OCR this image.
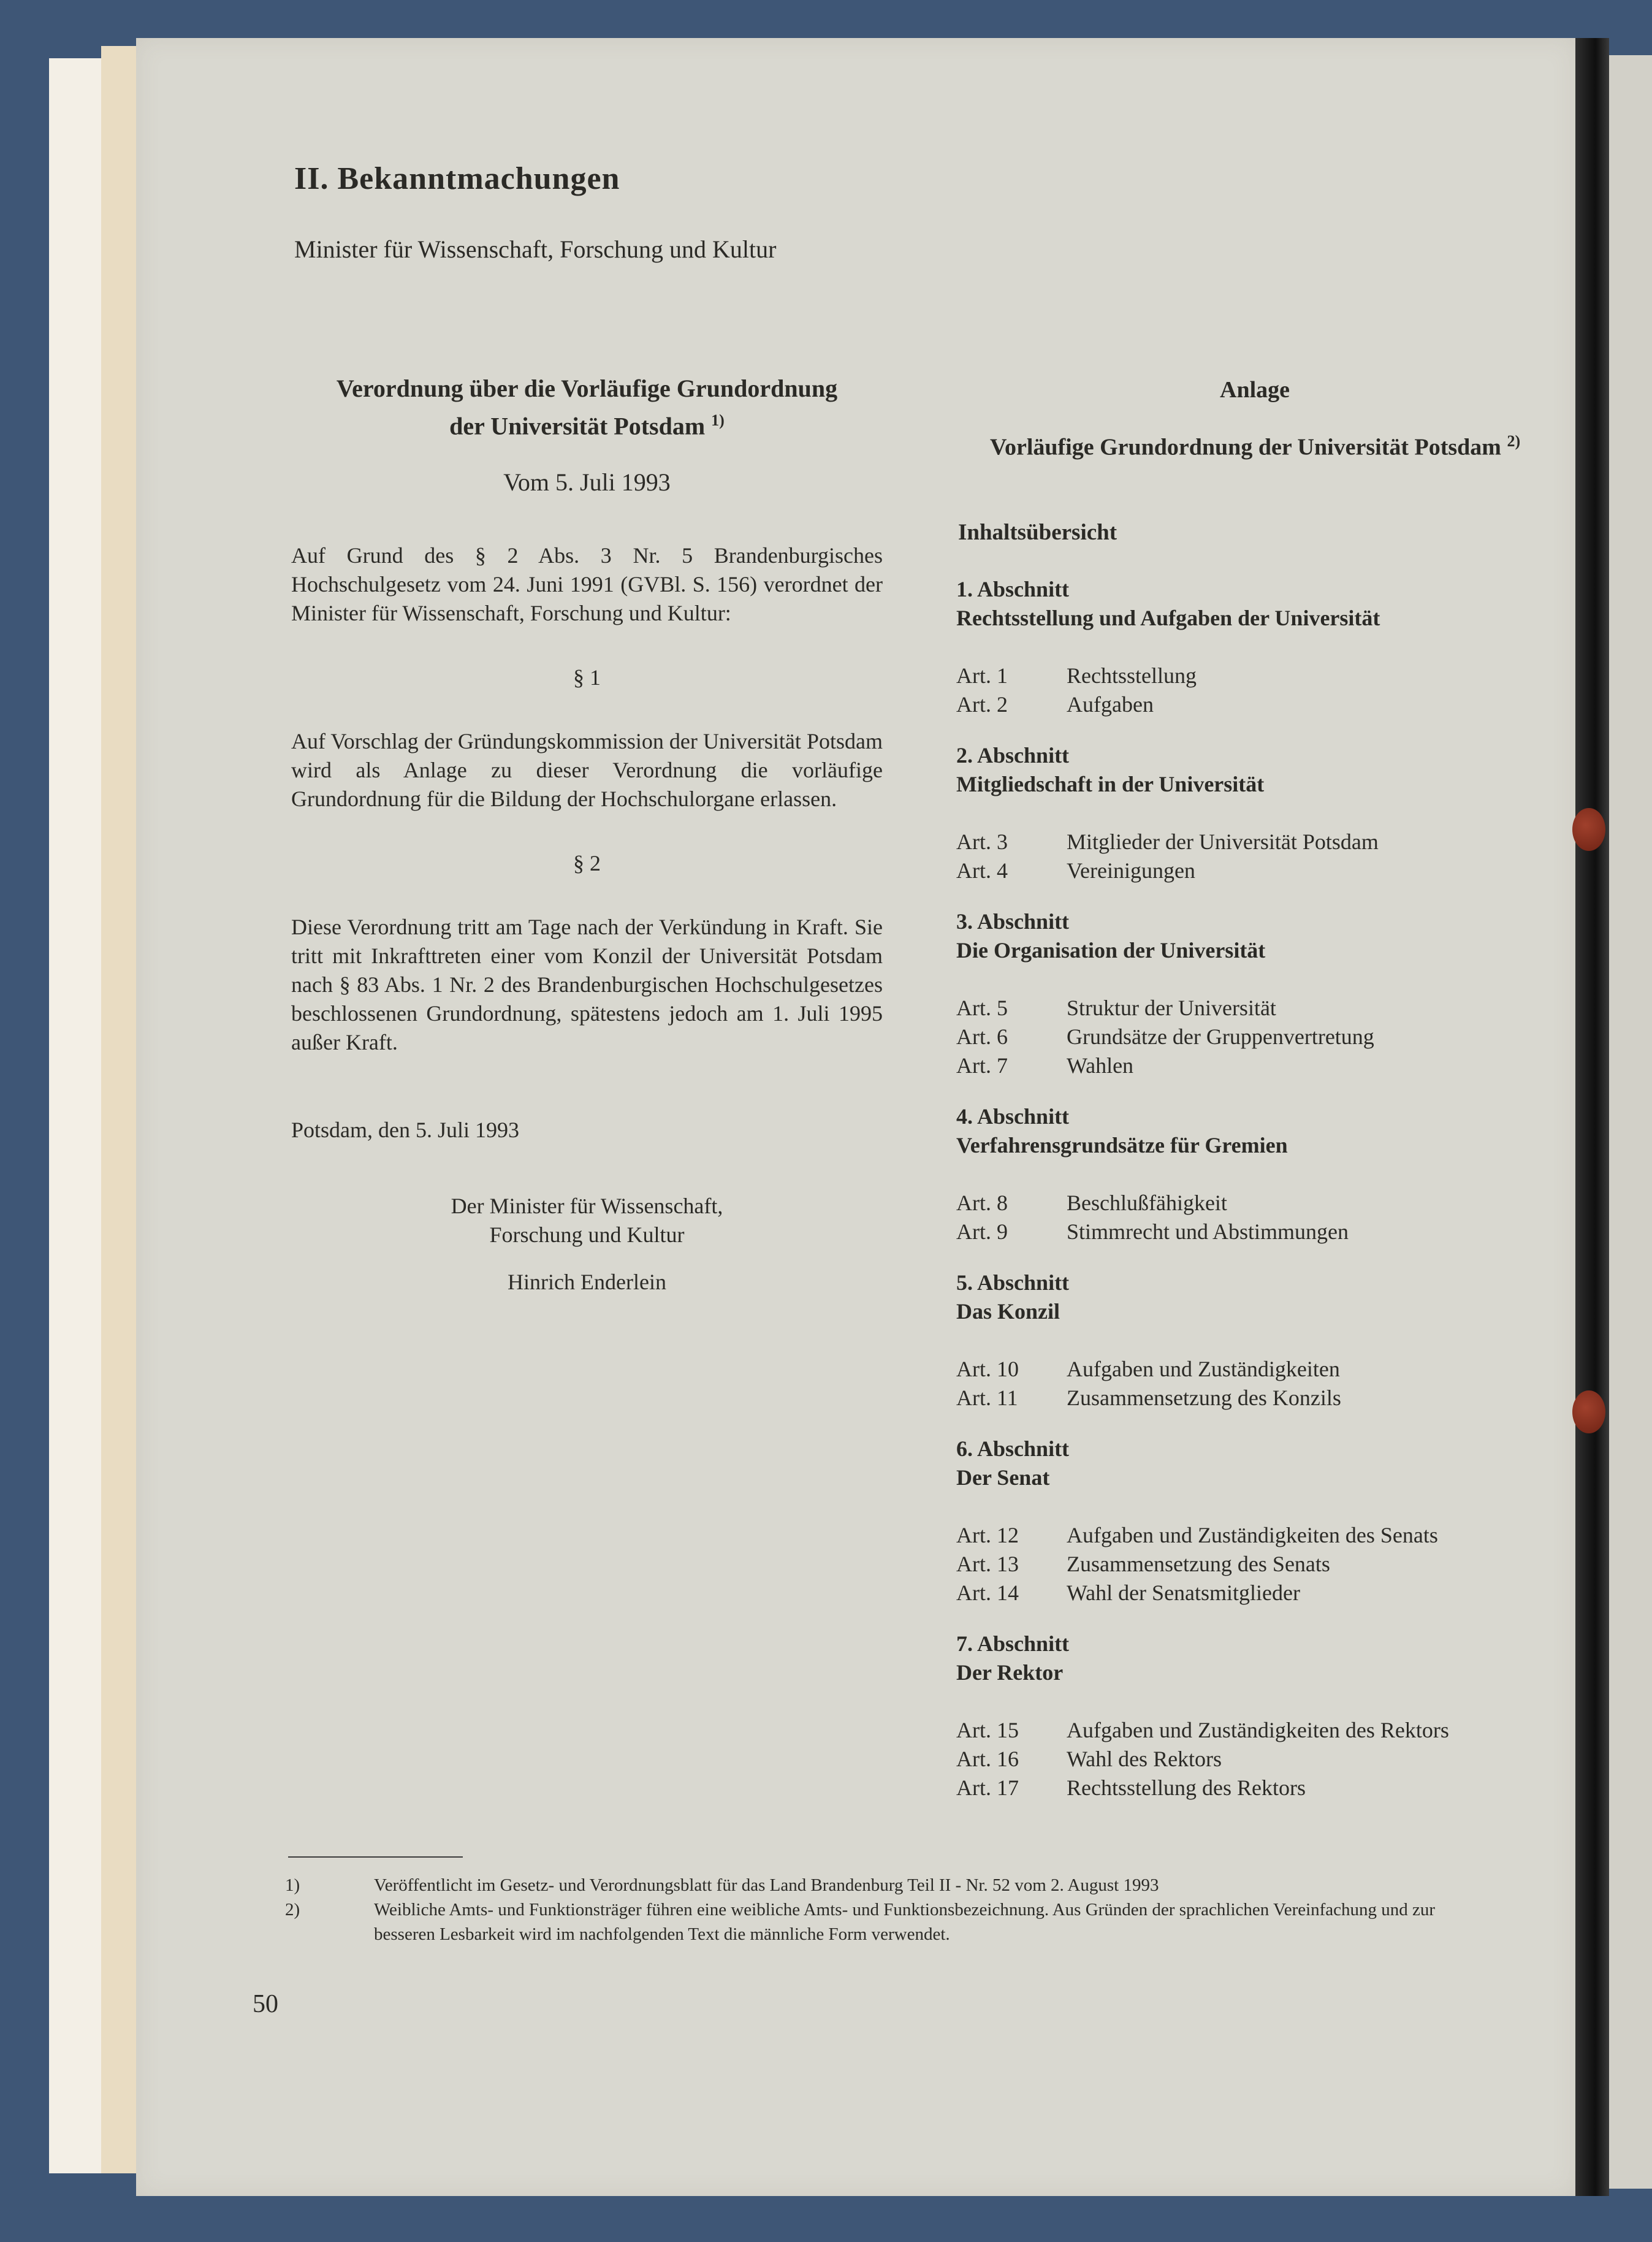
II. Bekanntmachungen

Minister für Wissenschaft, Forschung und Kultur

Verordnung über die Vorläufige Grundordnung
der Universität Potsdam $^{1)}$

Vom 5. Juli 1993

Auf Grund des § 2 Abs. 3 Nr. 5 Brandenburgisches Hochschulgesetz vom 24. Juni 1991 (GVBl. S. 156) verordnet der Minister für Wissenschaft, Forschung und Kultur:

§ 1

Auf Vorschlag der Gründungskommission der Universität Potsdam wird als Anlage zu dieser Verordnung die vorläufige Grundordnung für die Bildung der Hochschulorgane erlassen.

§ 2

Diese Verordnung tritt am Tage nach der Verkündung in Kraft. Sie tritt mit Inkrafttreten einer vom Konzil der Universität Potsdam nach § 83 Abs. 1 Nr. 2 des Brandenburgischen Hochschulgesetzes beschlossenen Grundordnung, spätestens jedoch am 1. Juli 1995 außer Kraft.

Potsdam, den 5. Juli 1993

Der Minister für Wissenschaft,
Forschung und Kultur
Hinrich Enderlein

Anlage

Vorläufige Grundordnung der Universität Potsdam $^{2)}$

Inhaltsübersicht

1. Abschnitt
Rechtsstellung und Aufgaben der Universität
Art. 1	Rechtsstellung
Art. 2	Aufgaben
2. Abschnitt
Mitgliedschaft in der Universität
Art. 3	Mitglieder der Universität Potsdam
Art. 4	Vereinigungen
3. Abschnitt
Die Organisation der Universität
Art. 5	Struktur der Universität
Art. 6	Grundsätze der Gruppenvertretung
Art. 7	Wahlen
4. Abschnitt
Verfahrensgrundsätze für Gremien
Art. 8	Beschlußfähigkeit
Art. 9	Stimmrecht und Abstimmungen
5. Abschnitt
Das Konzil
Art. 10	Aufgaben und Zuständigkeiten
Art. 11	Zusammensetzung des Konzils
6. Abschnitt
Der Senat
Art. 12	Aufgaben und Zuständigkeiten des Senats
Art. 13	Zusammensetzung des Senats
Art. 14	Wahl der Senatsmitglieder
7. Abschnitt
Der Rektor
Art. 15	Aufgaben und Zuständigkeiten des Rektors
Art. 16	Wahl des Rektors
Art. 17	Rechtsstellung des Rektors
1)	Veröffentlicht im Gesetz- und Verordnungsblatt für das Land Brandenburg Teil II - Nr. 52 vom 2. August 1993
2)	Weibliche Amts- und Funktionsträger führen eine weibliche Amts- und Funktionsbezeichnung. Aus Gründen der sprachlichen Vereinfachung und zur besseren Lesbarkeit wird im nachfolgenden Text die männliche Form verwendet.

50
